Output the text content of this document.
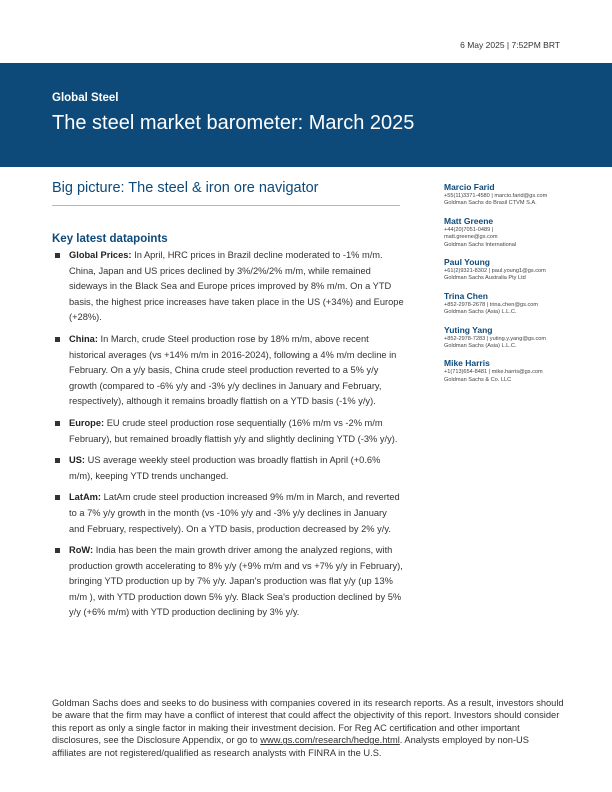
6 May 2025 | 7:52PM BRT
Global Steel
The steel market barometer: March 2025
Big picture: The steel & iron ore navigator
Key latest datapoints
Global Prices: In April, HRC prices in Brazil decline moderated to -1% m/m. China, Japan and US prices declined by 3%/2%/2% m/m, while remained sideways in the Black Sea and Europe prices improved by 8% m/m. On a YTD basis, the highest price increases have taken place in the US (+34%) and Europe (+28%).
China: In March, crude Steel production rose by 18% m/m, above recent historical averages (vs +14% m/m in 2016-2024), following a 4% m/m decline in February. On a y/y basis, China crude steel production reverted to a 5% y/y growth (compared to -6% y/y and -3% y/y declines in January and February, respectively), although it remains broadly flattish on a YTD basis (-1% y/y).
Europe: EU crude steel production rose sequentially (16% m/m vs -2% m/m February), but remained broadly flattish y/y and slightly declining YTD (-3% y/y).
US: US average weekly steel production was broadly flattish in April (+0.6% m/m), keeping YTD trends unchanged.
LatAm: LatAm crude steel production increased 9% m/m in March, and reverted to a 7% y/y growth in the month (vs -10% y/y and -3% y/y declines in January and February, respectively). On a YTD basis, production decreased by 2% y/y.
RoW: India has been the main growth driver among the analyzed regions, with production growth accelerating to 8% y/y (+9% m/m and vs +7% y/y in February), bringing YTD production up by 7% y/y. Japan's production was flat y/y (up 13% m/m ), with YTD production down 5% y/y. Black Sea's production declined by 5% y/y (+6% m/m) with YTD production declining by 3% y/y.
Marcio Farid
+55(11)3371-4580 | marcio.farid@gs.com
Goldman Sachs do Brasil CTVM S.A.
Matt Greene
+44(20)7051-0489 |
matt.greene@gs.com
Goldman Sachs International
Paul Young
+61(2)9321-8302 | paul.young1@gs.com
Goldman Sachs Australia Pty Ltd
Trina Chen
+852-2978-2678 | trina.chen@gs.com
Goldman Sachs (Asia) L.L.C.
Yuting Yang
+852-2978-7283 | yuting.y.yang@gs.com
Goldman Sachs (Asia) L.L.C.
Mike Harris
+1(713)654-8481 | mike.harris@gs.com
Goldman Sachs & Co. LLC
Goldman Sachs does and seeks to do business with companies covered in its research reports. As a result, investors should be aware that the firm may have a conflict of interest that could affect the objectivity of this report. Investors should consider this report as only a single factor in making their investment decision. For Reg AC certification and other important disclosures, see the Disclosure Appendix, or go to www.gs.com/research/hedge.html. Analysts employed by non-US affiliates are not registered/qualified as research analysts with FINRA in the U.S.
